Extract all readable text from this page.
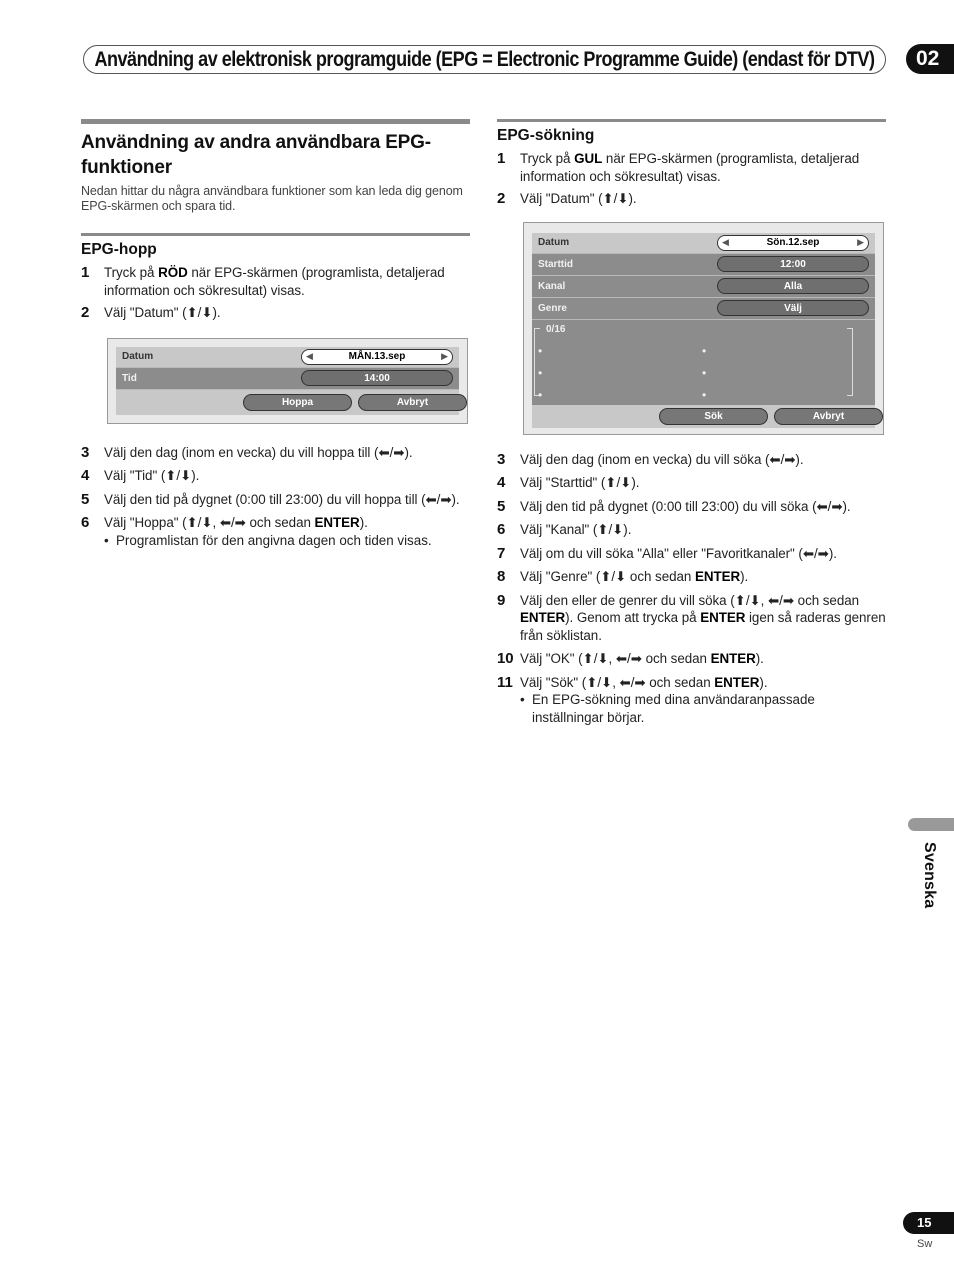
Användning av elektronisk programguide (EPG = Electronic Programme Guide) (endast för DTV)	02
Användning av andra användbara EPG-funktioner
Nedan hittar du några användbara funktioner som kan leda dig genom EPG-skärmen och spara tid.
EPG-hopp
1	Tryck på RÖD när EPG-skärmen (programlista, detaljerad information och sökresultat) visas.
2	Välj "Datum" (⬆/⬇).
Datum	◀	MÅN.13.sep	▶
Tid	14:00
Hoppa	Avbryt
3	Välj den dag (inom en vecka) du vill hoppa till (⬅/➡).
4	Välj "Tid" (⬆/⬇).
5	Välj den tid på dygnet (0:00 till 23:00) du vill hoppa till (⬅/➡).
6	Välj "Hoppa" (⬆/⬇, ⬅/➡ och sedan ENTER).
• Programlistan för den angivna dagen och tiden visas.
EPG-sökning
1	Tryck på GUL när EPG-skärmen (programlista, detaljerad information och sökresultat) visas.
2	Välj "Datum" (⬆/⬇).
Datum	◀	Sön.12.sep	▶
Starttid	12:00
Kanal	Alla
Genre	Välj
0/16
•
•
•
•
•
•
Sök	Avbryt
3	Välj den dag (inom en vecka) du vill söka (⬅/➡).
4	Välj "Starttid" (⬆/⬇).
5	Välj den tid på dygnet (0:00 till 23:00) du vill söka (⬅/➡).
6	Välj "Kanal" (⬆/⬇).
7	Välj om du vill söka "Alla" eller "Favoritkanaler" (⬅/➡).
8	Välj "Genre" (⬆/⬇ och sedan ENTER).
9	Välj den eller de genrer du vill söka (⬆/⬇, ⬅/➡ och sedan ENTER). Genom att trycka på ENTER igen så raderas genren från söklistan.
10 Välj "OK" (⬆/⬇, ⬅/➡ och sedan ENTER).
11 Välj "Sök" (⬆/⬇, ⬅/➡ och sedan ENTER).
• En EPG-sökning med dina användaranpassade inställningar börjar.
Svenska
15
Sw
